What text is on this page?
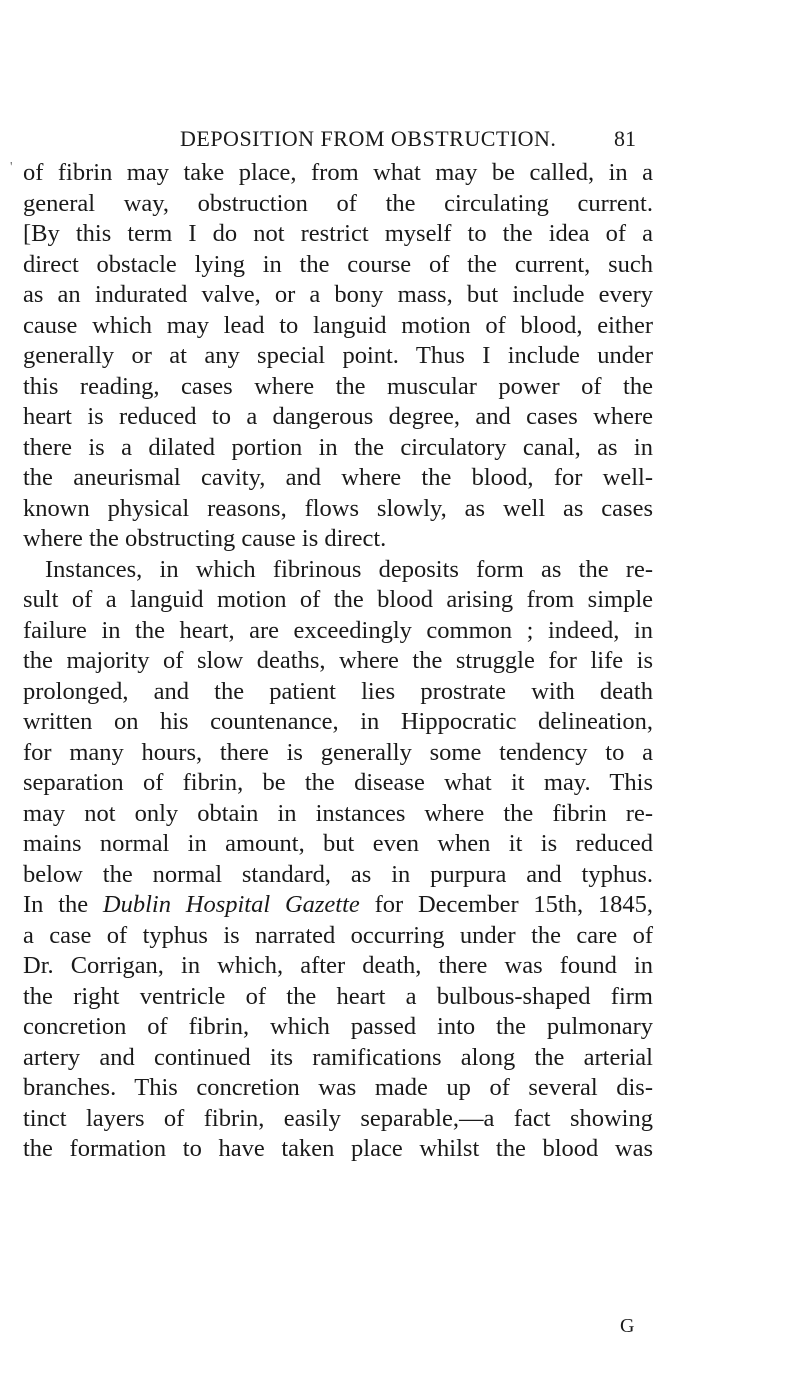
'
DEPOSITION FROM OBSTRUCTION.	81
of fibrin may take place, from what may be called, in a
general way, obstruction of the circulating current.
[By this term I do not restrict myself to the idea of a
direct obstacle lying in the course of the current, such
as an indurated valve, or a bony mass, but include every
cause which may lead to languid motion of blood, either
generally or at any special point. Thus I include under
this reading, cases where the muscular power of the
heart is reduced to a dangerous degree, and cases where
there is a dilated portion in the circulatory canal, as in
the aneurismal cavity, and where the blood, for well-
known physical reasons, flows slowly, as well as cases
where the obstructing cause is direct.
Instances, in which fibrinous deposits form as the re-
sult of a languid motion of the blood arising from simple
failure in the heart, are exceedingly common ; indeed, in
the majority of slow deaths, where the struggle for life is
prolonged, and the patient lies prostrate with death
written on his countenance, in Hippocratic delineation,
for many hours, there is generally some tendency to a
separation of fibrin, be the disease what it may. This
may not only obtain in instances where the fibrin re-
mains normal in amount, but even when it is reduced
below the normal standard, as in purpura and typhus.
In the Dublin Hospital Gazette for December 15th, 1845,
a case of typhus is narrated occurring under the care of
Dr. Corrigan, in which, after death, there was found in
the right ventricle of the heart a bulbous-shaped firm
concretion of fibrin, which passed into the pulmonary
artery and continued its ramifications along the arterial
branches. This concretion was made up of several dis-
tinct layers of fibrin, easily separable,—a fact showing
the formation to have taken place whilst the blood was
G
